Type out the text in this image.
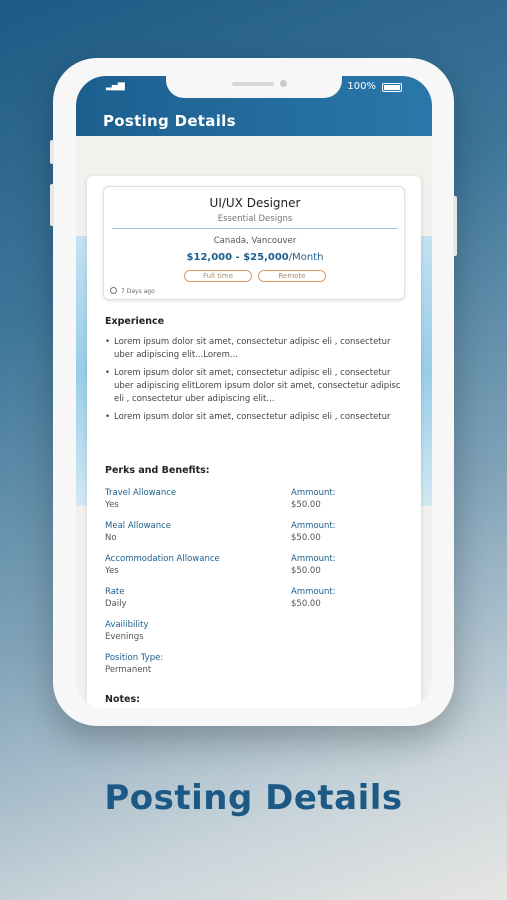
▂▄▆	100%
Posting Details
UI/UX Designer
Essential Designs
Canada, Vancouver
$12,000 - $25,000/Month
Full time	Remote
7 Days ago
Experience
• Lorem ipsum dolor sit amet, consectetur adipisc eli , consectetur uber adipiscing elit...Lorem...
• Lorem ipsum dolor sit amet, consectetur adipisc eli , consectetur uber adipiscing elitLorem ipsum dolor sit amet, consectetur adipisc eli , consectetur uber adipiscing elit...
• Lorem ipsum dolor sit amet, consectetur adipisc eli , consectetur
Perks and Benefits:
Travel Allowance
Yes
Ammount:
$50.00
Meal Allowance
No
Ammount:
$50.00
Accommodation Allowance
Yes
Ammount:
$50.00
Rate
Daily
Ammount:
$50.00
Availibility
Evenings
Position Type:
Permanent
Notes:
Posting Details
